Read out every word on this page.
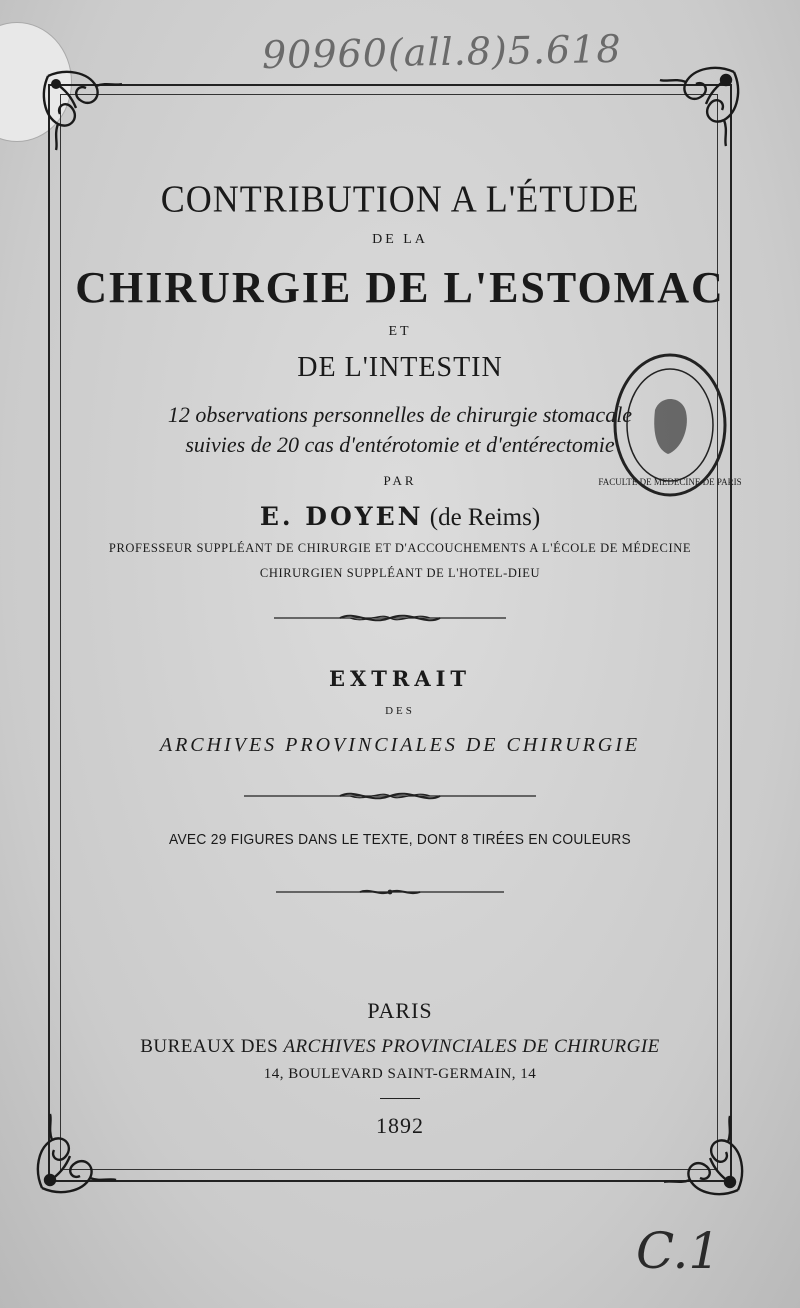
90960(all.8)5.618
CONTRIBUTION A L'ÉTUDE
DE LA
CHIRURGIE DE L'ESTOMAC
ET
DE L'INTESTIN
12 observations personnelles de chirurgie stomacale
suivies de 20 cas d'entérotomie et d'entérectomie
FACULTE DE MEDECINE DE PARIS
PAR
E. DOYEN (de Reims)
PROFESSEUR SUPPLÉANT DE CHIRURGIE ET D'ACCOUCHEMENTS A L'ÉCOLE DE MÉDECINE
CHIRURGIEN SUPPLÉANT DE L'HOTEL-DIEU
EXTRAIT
DES
ARCHIVES PROVINCIALES DE CHIRURGIE
AVEC 29 FIGURES DANS LE TEXTE, DONT 8 TIRÉES EN COULEURS
PARIS
BUREAUX DES ARCHIVES PROVINCIALES DE CHIRURGIE
14, BOULEVARD SAINT-GERMAIN, 14
1892
C.1
